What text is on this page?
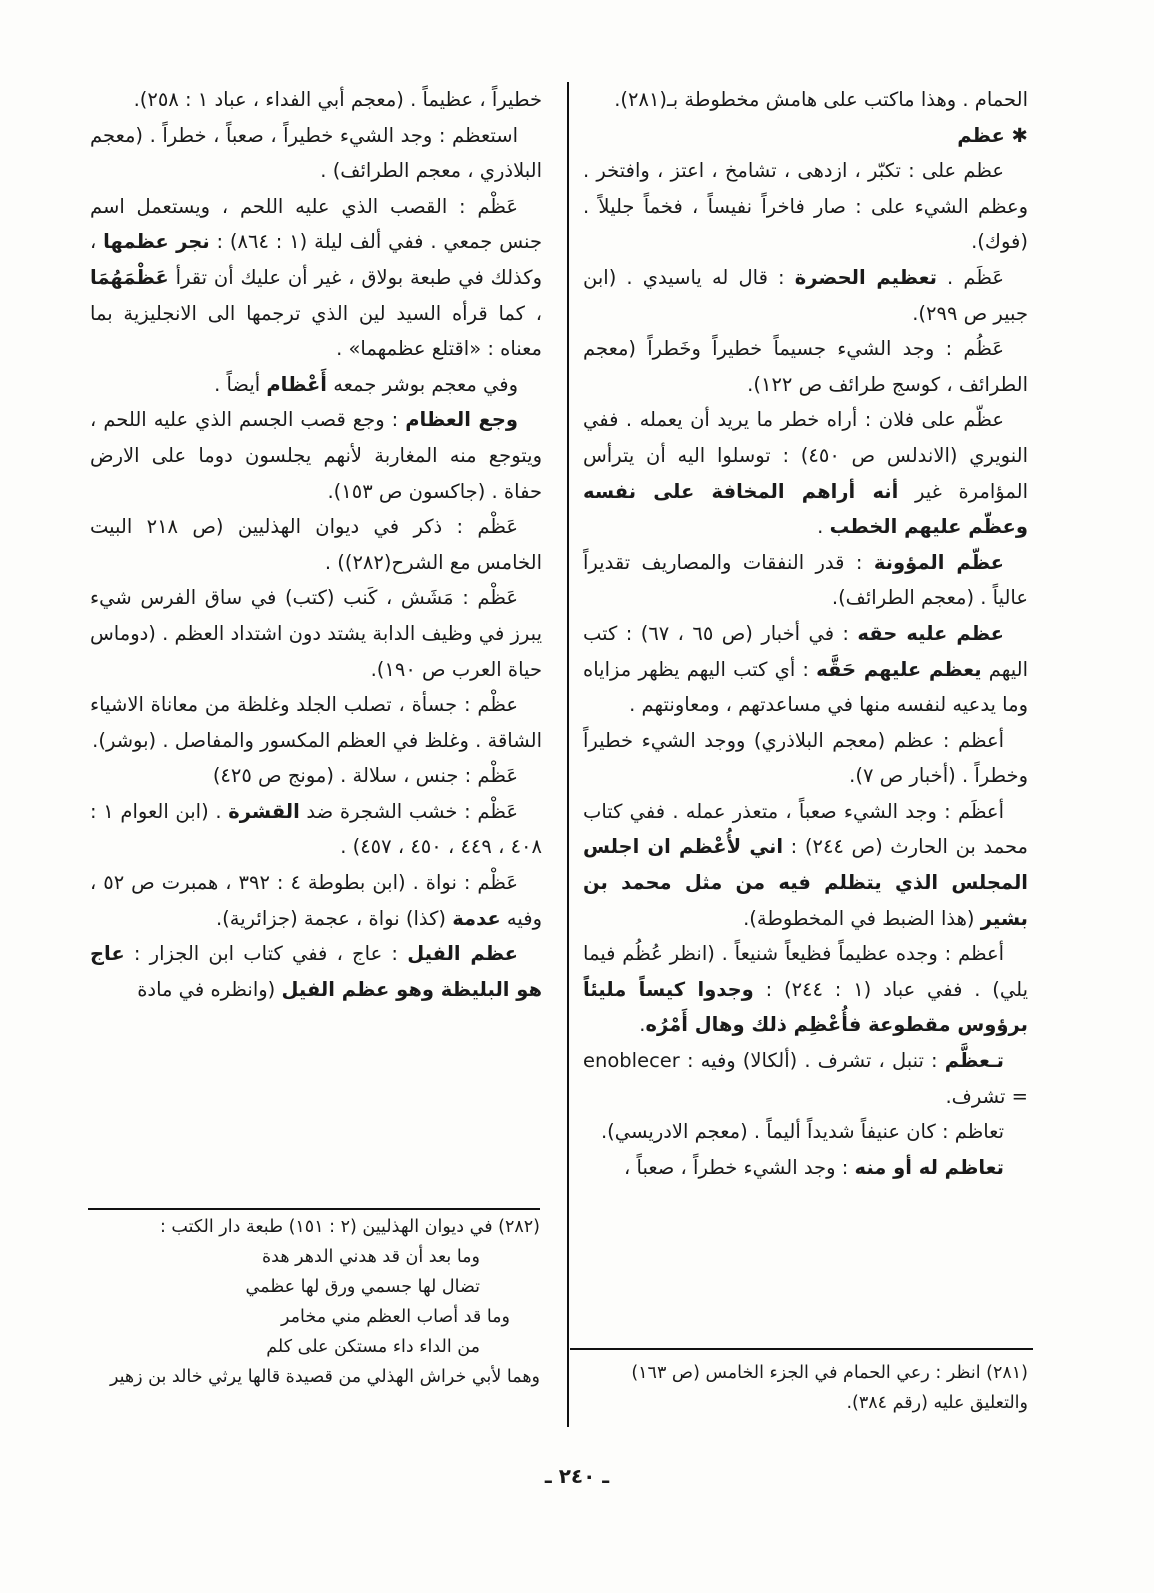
الحمام . وهذا ماكتب على هامش مخطوطة بـ(٢٨١).

✱ عظم

عظم على : تكبّر ، ازدهى ، تشامخ ، اعتز ، وافتخر . وعظم الشيء على : صار فاخراً نفيساً ، فخماً جليلاً . (فوك).

عَظَم . تعظيم الحضرة : قال له ياسيدي . (ابن جبير ص ٢٩٩).

عَظُم : وجد الشيء جسيماً خطيراً وخَطراً (معجم الطرائف ، كوسج طرائف ص ١٢٢).

عظّم على فلان : أراه خطر ما يريد أن يعمله . ففي النويري (الاندلس ص ٤٥٠) : توسلوا اليه أن يترأس المؤامرة غير أنه أراهم المخافة على نفسه وعظّم عليهم الخطب .

عظّم المؤونة : قدر النفقات والمصاريف تقديراً عالياً . (معجم الطرائف).

عظم عليه حقه : في أخبار (ص ٦٥ ، ٦٧) : كتب اليهم يعظم عليهم حَقَّه : أي كتب اليهم يظهر مزاياه وما يدعيه لنفسه منها في مساعدتهم ، ومعاونتهم .

أعظم : عظم (معجم البلاذري) ووجد الشيء خطيراً وخطراً . (أخبار ص ٧).

أعظَم : وجد الشيء صعباً ، متعذر عمله . ففي كتاب محمد بن الحارث (ص ٢٤٤) : اني لأُعْظم ان اجلس المجلس الذي يتظلم فيه من مثل محمد بن بشير (هذا الضبط في المخطوطة).

أعظم : وجده عظيماً فظيعاً شنيعاً . (انظر عُظُم فيما يلي) . ففي عباد (١ : ٢٤٤) : وجدوا كيساً مليئاً برؤوس مقطوعة فأُعْظِم ذلك وهال أَمْرُه.

تـعظَّم : تنبل ، تشرف . (ألكالا) وفيه : enoblecer = تشرف.

تعاظم : كان عنيفاً شديداً أليماً . (معجم الادريسي).

تعاظم له أو منه : وجد الشيء خطراً ، صعباً ،

خطيراً ، عظيماً . (معجم أبي الفداء ، عباد ١ : ٢٥٨).

استعظم : وجد الشيء خطيراً ، صعباً ، خطراً . (معجم البلاذري ، معجم الطرائف) .

عَظْم : القصب الذي عليه اللحم ، ويستعمل اسم جنس جمعي . ففي ألف ليلة (١ : ٨٦٤) : نجر عظمها ، وكذلك في طبعة بولاق ، غير أن عليك أن تقرأ عَظْمَهُمَا ، كما قرأه السيد لين الذي ترجمها الى الانجليزية بما معناه : «اقتلع عظمهما» .

وفي معجم بوشر جمعه أَعْظام أيضاً .

وجع العظام : وجع قصب الجسم الذي عليه اللحم ، ويتوجع منه المغاربة لأنهم يجلسون دوما على الارض حفاة . (جاكسون ص ١٥٣).

عَظْم : ذكر في ديوان الهذليين (ص ٢١٨ البيت الخامس مع الشرح(٢٨٢)) .

عَظْم : مَشَش ، كَنب (كتب) في ساق الفرس شيء يبرز في وظيف الدابة يشتد دون اشتداد العظم . (دوماس حياة العرب ص ١٩٠).

عظْم : جسأة ، تصلب الجلد وغلظة من معاناة الاشياء الشاقة . وغلظ في العظم المكسور والمفاصل . (بوشر).

عَظْم : جنس ، سلالة . (مونج ص ٤٢٥)

عَظْم : خشب الشجرة ضد القشرة . (ابن العوام ١ : ٤٠٨ ، ٤٤٩ ، ٤٥٠ ، ٤٥٧) .

عَظْم : نواة . (ابن بطوطة ٤ : ٣٩٢ ، همبرت ص ٥٢ ، وفيه عدمة (كذا) نواة ، عجمة (جزائرية).

عظم الفيل : عاج ، ففي كتاب ابن الجزار : عاج هو البليظة وهو عظم الفيل (وانظره في مادة

(٢٨٢) في ديوان الهذليين (٢ : ١٥١) طبعة دار الكتب :

وما بعد أن قد هدني الدهر هدة

تضال لها جسمي ورق لها عظمي

وما قد أصاب العظم مني مخامر

من الداء داء مستكن على كلم

وهما لأبي خراش الهذلي من قصيدة قالها يرثي خالد بن زهير	(٢٨١) انظر : رعي الحمام في الجزء الخامس (ص ١٦٣) والتعليق عليه (رقم ٣٨٤).

ـ ٢٤٠ ـ
